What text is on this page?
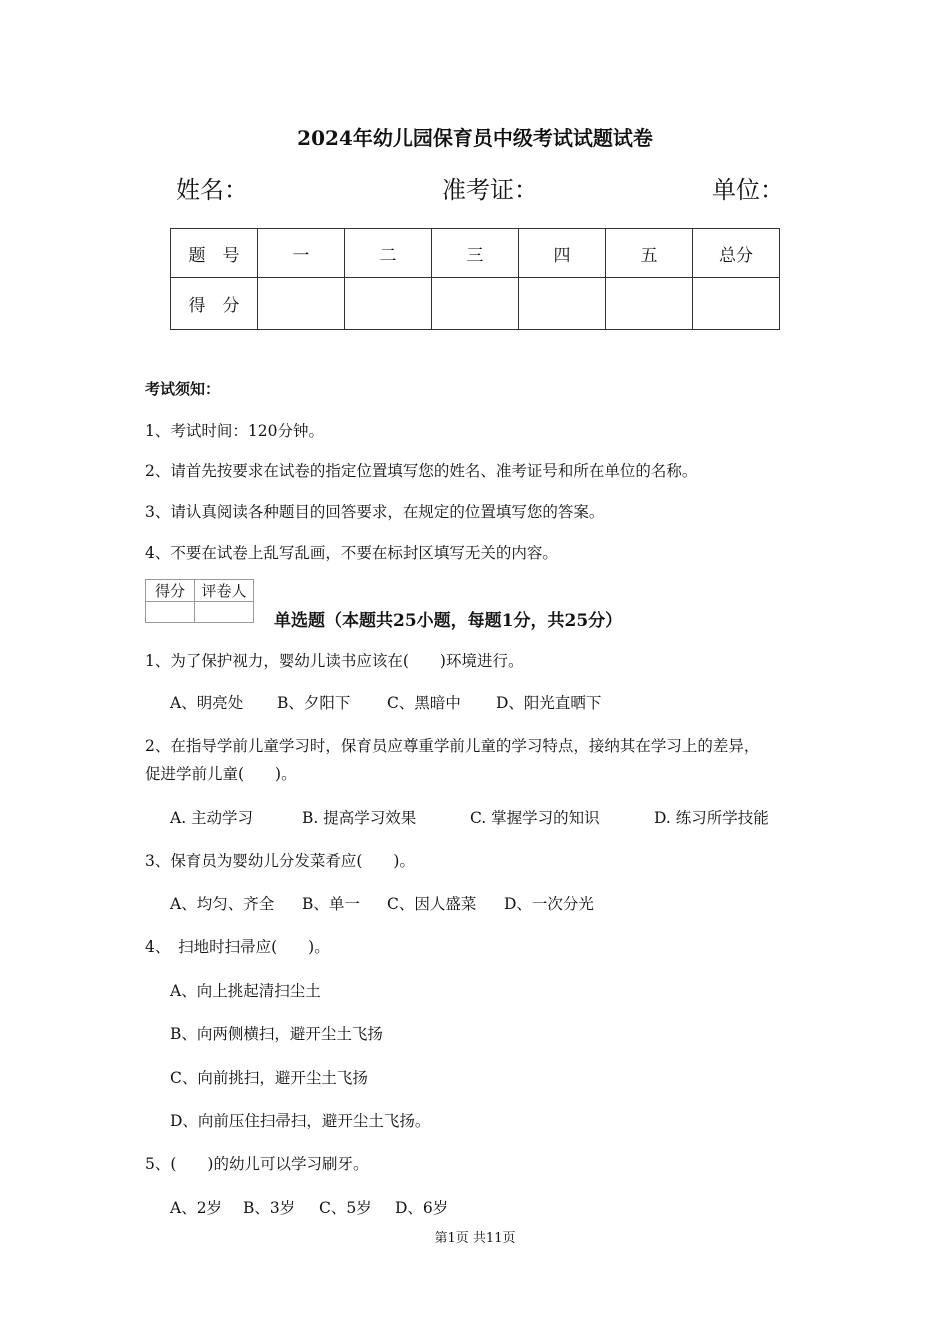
2024年幼儿园保育员中级考试试题试卷
姓名：	准考证：	单位：
题　号	一	二	三	四	五	总分
得　分						
考试须知：
1、考试时间：120分钟。
2、请首先按要求在试卷的指定位置填写您的姓名、准考证号和所在单位的名称。
3、请认真阅读各种题目的回答要求，在规定的位置填写您的答案。
4、不要在试卷上乱写乱画，不要在标封区填写无关的内容。
得分	评卷人

单选题（本题共25小题，每题1分，共25分）
1、为了保护视力，婴幼儿读书应该在(　　)环境进行。
A、明亮处 B、夕阳下 C、黑暗中 D、阳光直晒下
2、在指导学前儿童学习时，保育员应尊重学前儿童的学习特点，接纳其在学习上的差异，
促进学前儿童(　　)。
A. 主动学习	B. 提高学习效果	C. 掌握学习的知识	D. 练习所学技能
3、保育员为婴幼儿分发菜肴应(　　)。
A、均匀、齐全 B、单一 C、因人盛菜 D、一次分光
4、　扫地时扫帚应(　　)。
A、向上挑起清扫尘土
B、向两侧横扫，避开尘土飞扬
C、向前挑扫，避开尘土飞扬
D、向前压住扫帚扫，避开尘土飞扬。
5、(　　)的幼儿可以学习刷牙。
A、2岁 B、3岁 C、5岁 D、6岁
第1页 共11页
